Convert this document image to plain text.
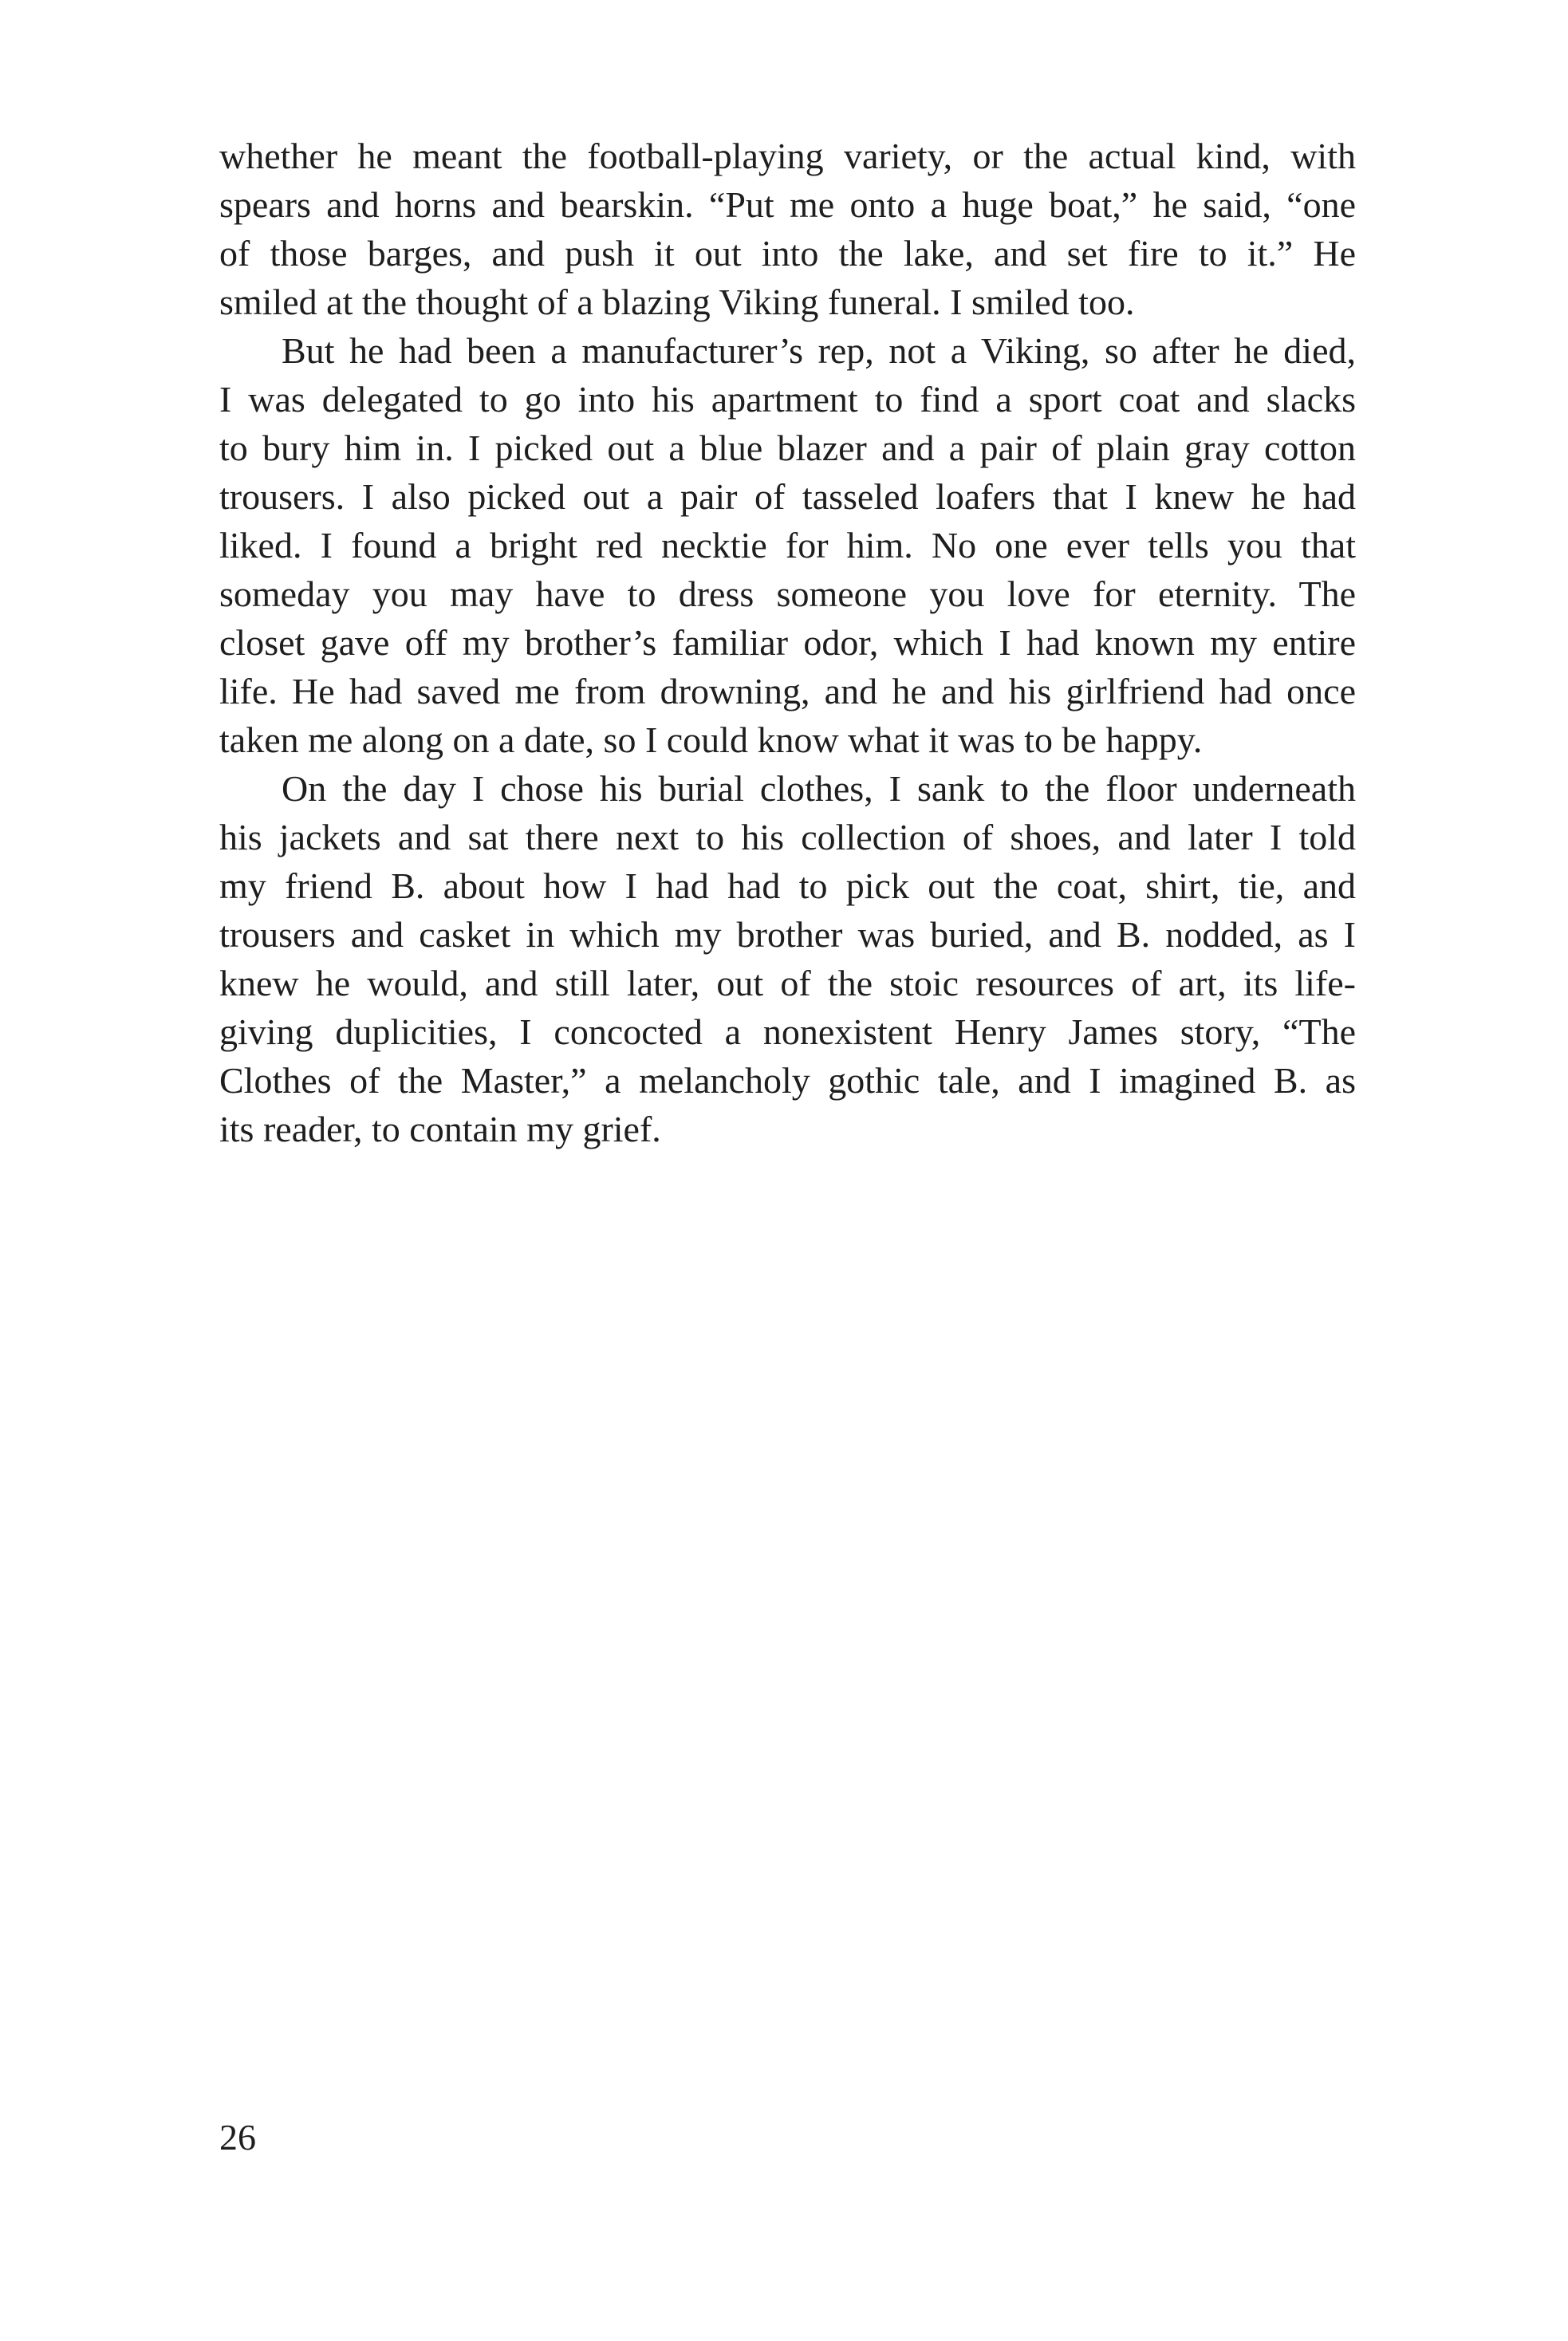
whether he meant the football-playing variety, or the actual kind, with
spears and horns and bearskin. “Put me onto a huge boat,” he said, “one
of those barges, and push it out into the lake, and set fire to it.” He
smiled at the thought of a blazing Viking funeral. I smiled too.
But he had been a manufacturer’s rep, not a Viking, so after he died,
I was delegated to go into his apartment to find a sport coat and slacks
to bury him in. I picked out a blue blazer and a pair of plain gray cotton
trousers. I also picked out a pair of tasseled loafers that I knew he had
liked. I found a bright red necktie for him. No one ever tells you that
someday you may have to dress someone you love for eternity. The
closet gave off my brother’s familiar odor, which I had known my entire
life. He had saved me from drowning, and he and his girlfriend had once
taken me along on a date, so I could know what it was to be happy.
On the day I chose his burial clothes, I sank to the floor underneath
his jackets and sat there next to his collection of shoes, and later I told
my friend B. about how I had had to pick out the coat, shirt, tie, and
trousers and casket in which my brother was buried, and B. nodded, as I
knew he would, and still later, out of the stoic resources of art, its life-
giving duplicities, I concocted a nonexistent Henry James story, “The
Clothes of the Master,” a melancholy gothic tale, and I imagined B. as
its reader, to contain my grief.
26
